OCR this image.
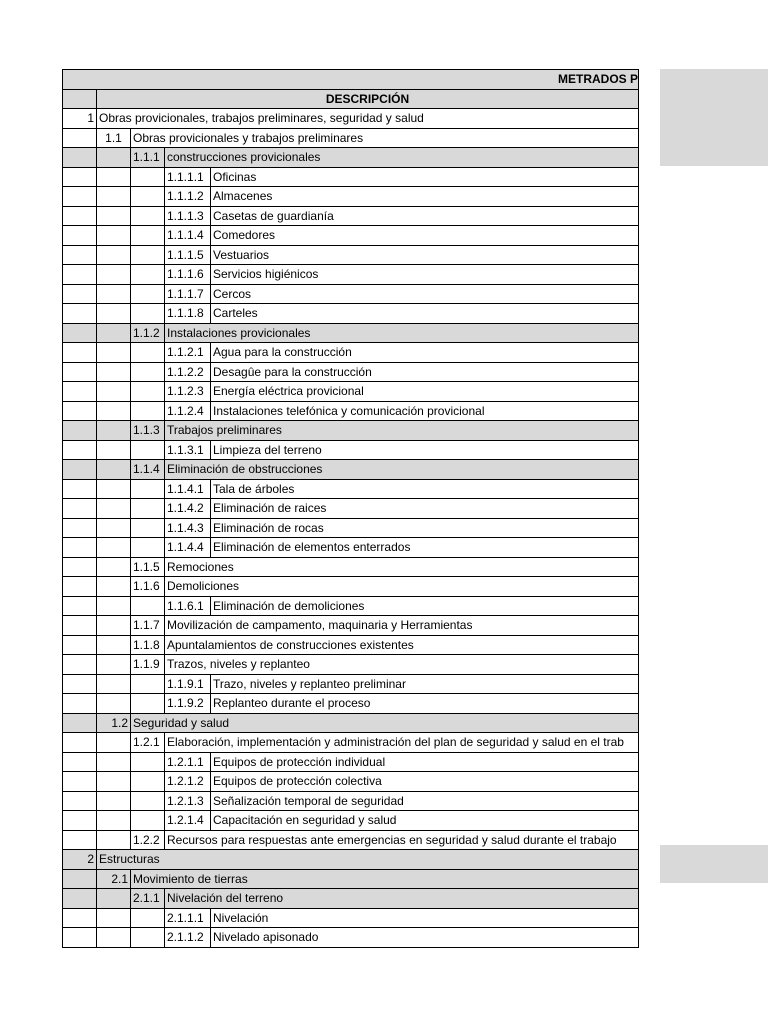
METRADOS P				
	DESCRIPCIÓN			
1	Obras provicionales, trabajos preliminares, seguridad y salud			
	1.1	Obras provicionales y trabajos preliminares		
		1.1.1	construcciones provicionales	
			1.1.1.1	Oficinas
			1.1.1.2	Almacenes
			1.1.1.3	Casetas de guardianía
			1.1.1.4	Comedores
			1.1.1.5	Vestuarios
			1.1.1.6	Servicios higiénicos
			1.1.1.7	Cercos
			1.1.1.8	Carteles
		1.1.2	Instalaciones provicionales	
			1.1.2.1	Agua para la construcción
			1.1.2.2	Desagûe para la construcción
			1.1.2.3	Energía eléctrica provicional
			1.1.2.4	Instalaciones telefónica y comunicación provicional
		1.1.3	Trabajos preliminares	
			1.1.3.1	Limpieza del terreno
		1.1.4	Eliminación de obstrucciones	
			1.1.4.1	Tala de árboles
			1.1.4.2	Eliminación de raices
			1.1.4.3	Eliminación de rocas
			1.1.4.4	Eliminación de elementos enterrados
		1.1.5	Remociones	
		1.1.6	Demoliciones	
			1.1.6.1	Eliminación de demoliciones
		1.1.7	Movilización de campamento, maquinaria y Herramientas	
		1.1.8	Apuntalamientos de construcciones existentes	
		1.1.9	Trazos, niveles y replanteo	
			1.1.9.1	Trazo, niveles y replanteo preliminar
			1.1.9.2	Replanteo durante el proceso
	1.2	Seguridad y salud		
		1.2.1	Elaboración, implementación y administración del plan de seguridad y salud en el trab	
			1.2.1.1	Equipos de protección individual
			1.2.1.2	Equipos de protección colectiva
			1.2.1.3	Señalización temporal de seguridad
			1.2.1.4	Capacitación en seguridad y salud
		1.2.2	Recursos para respuestas ante emergencias en seguridad y salud durante el trabajo	
2	Estructuras			
	2.1	Movimiento de tierras		
		2.1.1	Nivelación del terreno	
			2.1.1.1	Nivelación
			2.1.1.2	Nivelado apisonado
